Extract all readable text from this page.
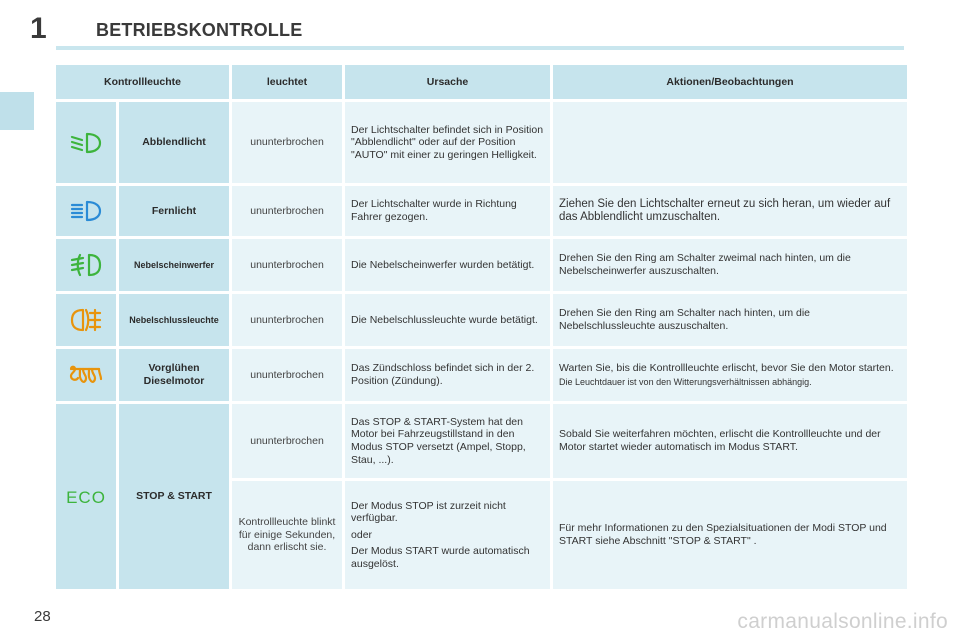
1	BETRIEBSKONTROLLE
Kontrollleuchte		leuchtet	Ursache	Aktionen/Beobachtungen

	Abblendlicht	ununterbrochen	Der Lichtschalter befindet sich in Position "Abblendlicht" oder auf der Position "AUTO" mit einer zu geringen Helligkeit.	

	Fernlicht	ununterbrochen	Der Lichtschalter wurde in Richtung Fahrer gezogen.	Ziehen Sie den Lichtschalter erneut zu sich heran, um wieder auf das Abblendlicht umzuschalten.

	Nebelscheinwerfer	ununterbrochen	Die Nebelscheinwerfer wurden betätigt.	Drehen Sie den Ring am Schalter zweimal nach hinten, um die Nebelscheinwerfer auszuschalten.

	Nebelschlussleuchte	ununterbrochen	Die Nebelschlussleuchte wurde betätigt.	Drehen Sie den Ring am Schalter nach hinten, um die Nebelschlussleuchte auszuschalten.

	Vorglühen Dieselmotor	ununterbrochen	Das Zündschloss befindet sich in der 2. Position (Zündung).	Warten Sie, bis die Kontrollleuchte erlischt, bevor Sie den Motor starten.
Die Leuchtdauer ist von den Witterungsverhältnissen abhängig.

ECO	STOP & START	ununterbrochen	Das STOP & START-System hat den Motor bei Fahrzeugstillstand in den Modus STOP versetzt (Ampel, Stopp, Stau, ...).	Sobald Sie weiterfahren möchten, erlischt die Kontrollleuchte und der Motor startet wieder automatisch im Modus START.
		Kontrollleuchte blinkt für einige Sekunden, dann erlischt sie.	Der Modus STOP ist zurzeit nicht verfügbar.

oder

Der Modus START wurde automatisch ausgelöst.	Für mehr Informationen zu den Spezialsituationen der Modi STOP und START siehe Abschnitt "STOP & START" .
28	carmanualsonline.info
